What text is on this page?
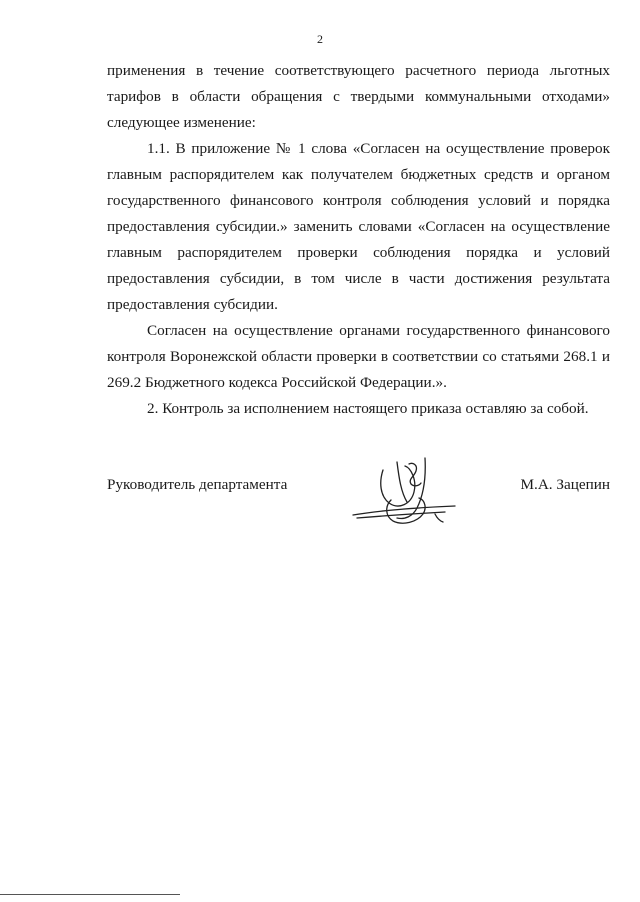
2

применения в течение соответствующего расчетного периода льготных тарифов в области обращения с твердыми коммунальными отходами» следующее изменение:

1.1. В приложение № 1 слова «Согласен на осуществление проверок главным распорядителем как получателем бюджетных средств и органом государственного финансового контроля соблюдения условий и порядка предоставления субсидии.» заменить словами «Согласен на осуществление главным распорядителем проверки соблюдения порядка и условий предоставления субсидии, в том числе в части достижения результата предоставления субсидии.

Согласен на осуществление органами государственного финансового контроля Воронежской области проверки в соответствии со статьями 268.1 и 269.2 Бюджетного кодекса Российской Федерации.».

2. Контроль за исполнением настоящего приказа оставляю за собой.

Руководитель департамента	М.А. Зацепин
